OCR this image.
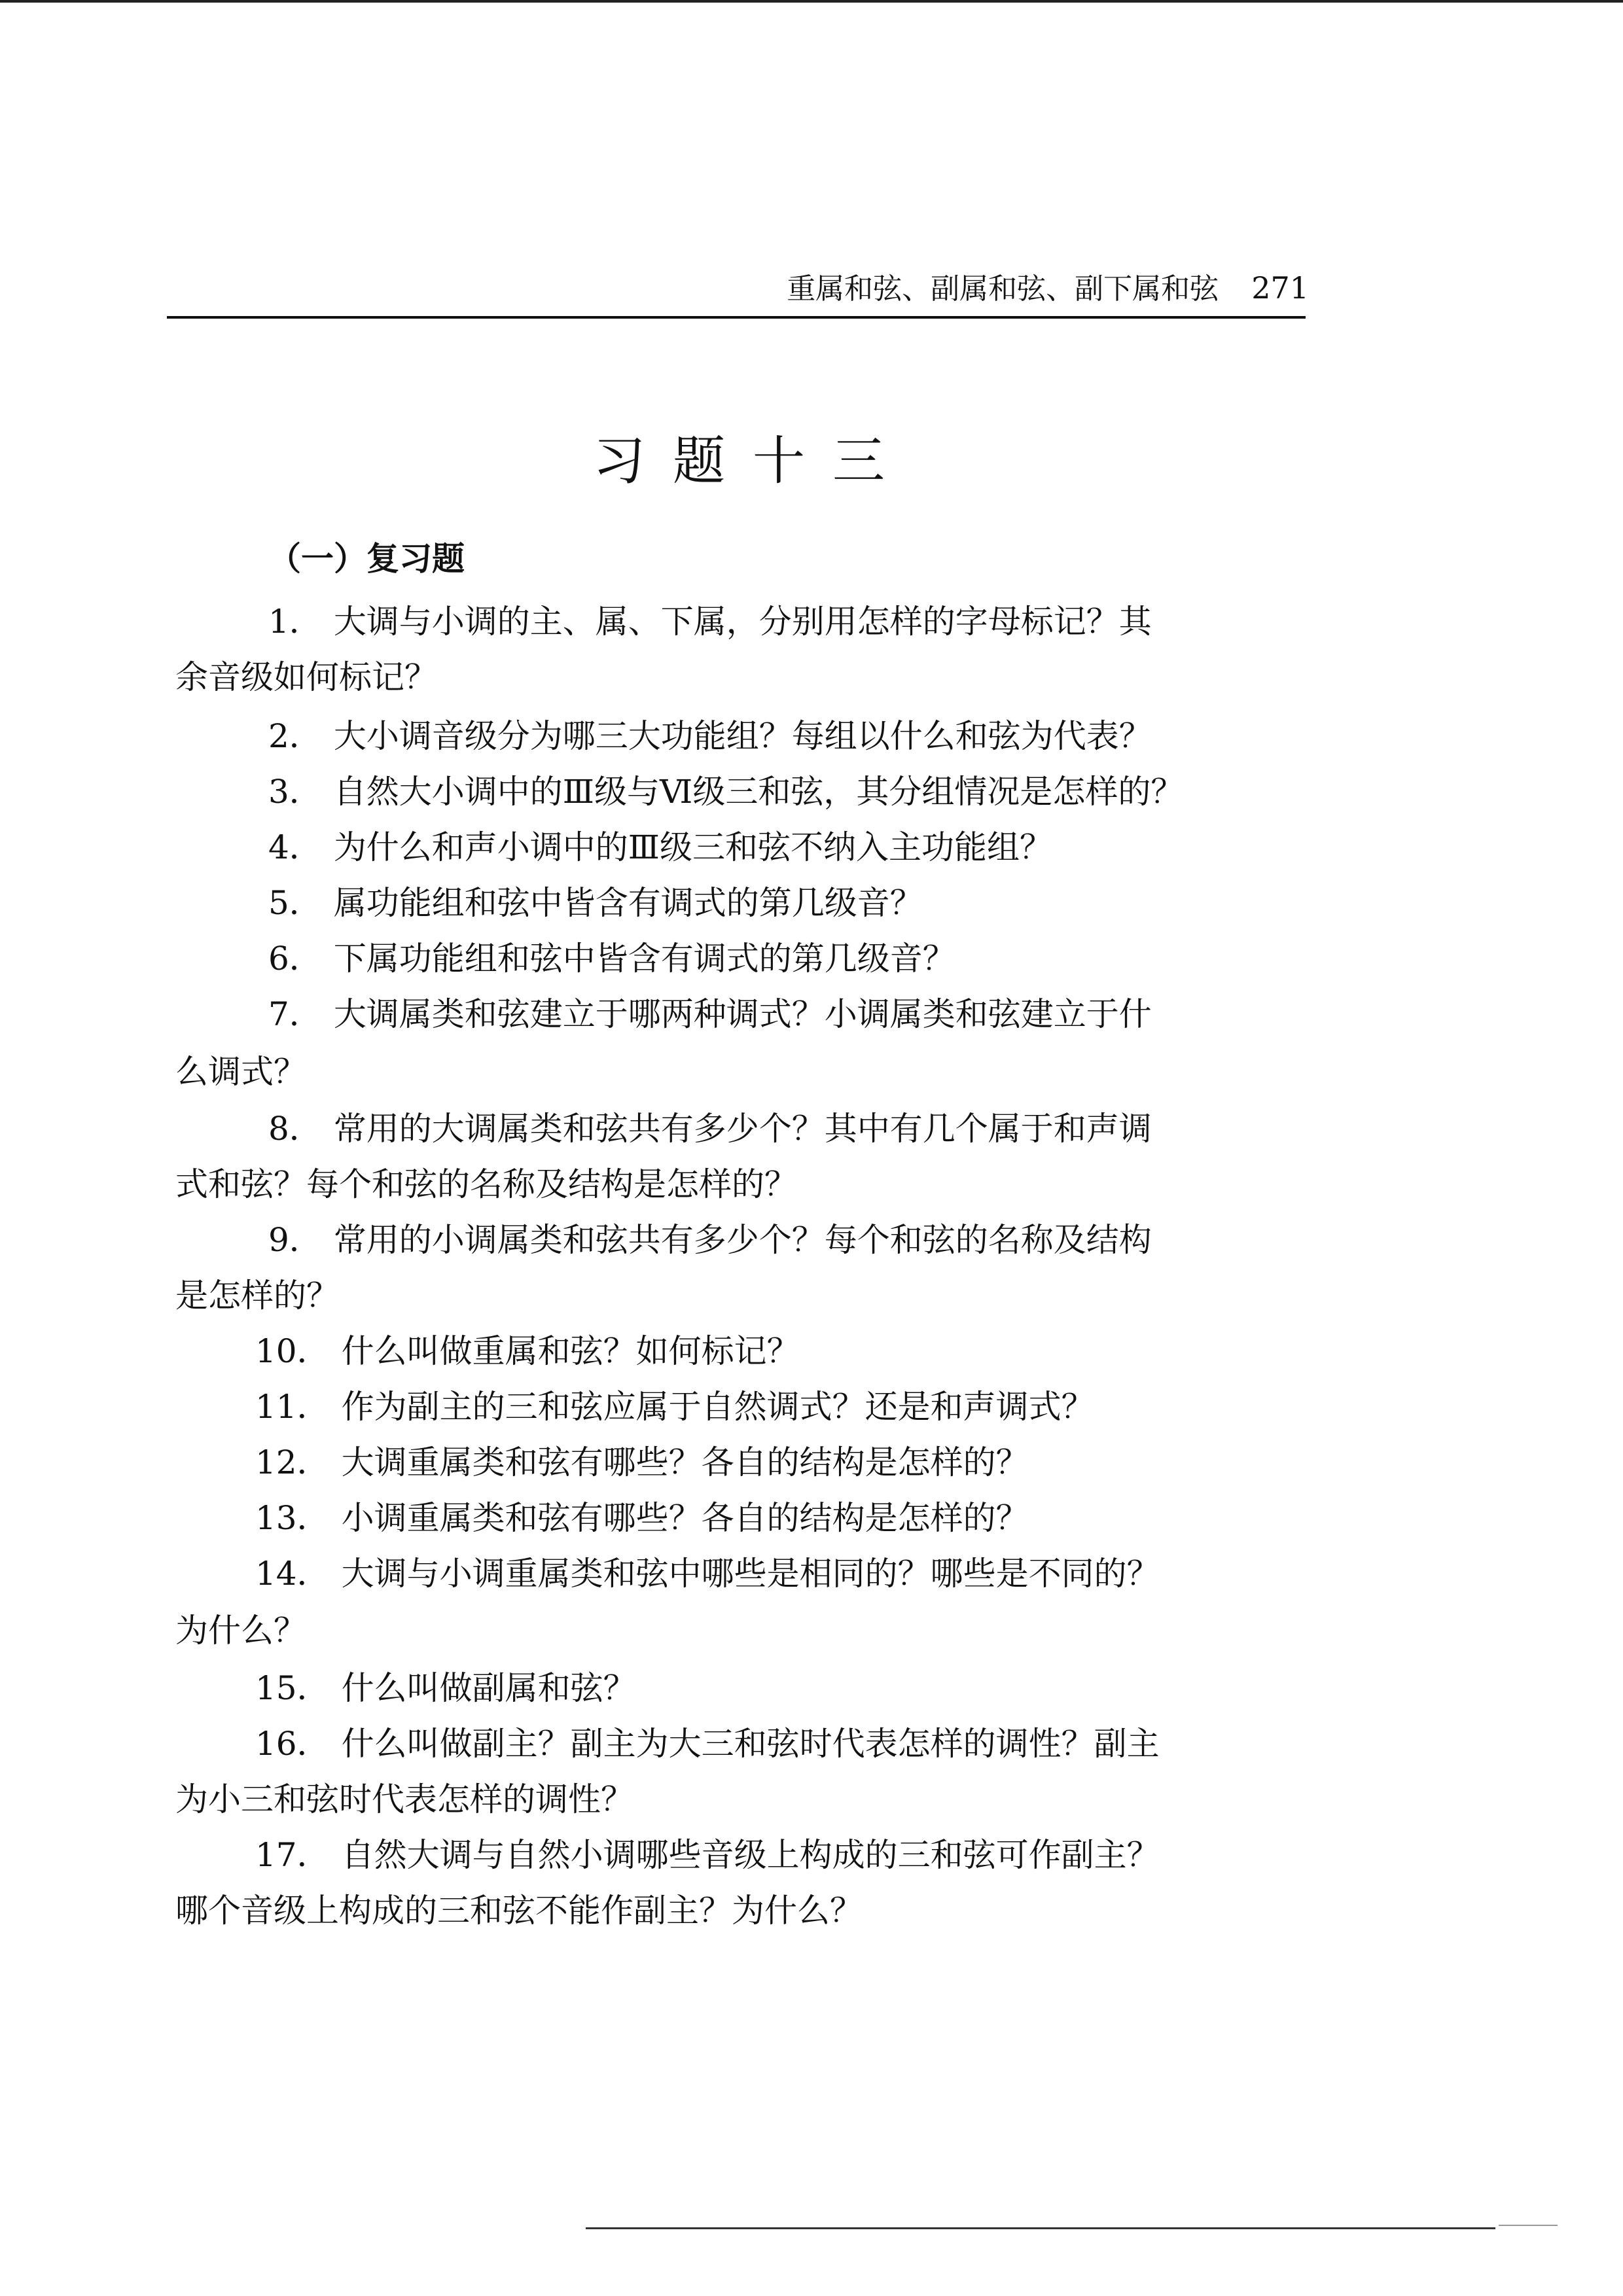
重属和弦、副属和弦、副下属和弦 271
习题十三
（一）复习题
1． 大调与小调的主、属、下属，分别用怎样的字母标记？其
余音级如何标记？
2． 大小调音级分为哪三大功能组？每组以什么和弦为代表？
3． 自然大小调中的Ⅲ级与Ⅵ级三和弦，其分组情况是怎样的？
4． 为什么和声小调中的Ⅲ级三和弦不纳入主功能组？
5． 属功能组和弦中皆含有调式的第几级音？
6． 下属功能组和弦中皆含有调式的第几级音？
7． 大调属类和弦建立于哪两种调式？小调属类和弦建立于什
么调式？
8． 常用的大调属类和弦共有多少个？其中有几个属于和声调
式和弦？每个和弦的名称及结构是怎样的？
9． 常用的小调属类和弦共有多少个？每个和弦的名称及结构
是怎样的？
10． 什么叫做重属和弦？如何标记？
11． 作为副主的三和弦应属于自然调式？还是和声调式？
12． 大调重属类和弦有哪些？各自的结构是怎样的？
13． 小调重属类和弦有哪些？各自的结构是怎样的？
14． 大调与小调重属类和弦中哪些是相同的？哪些是不同的？
为什么？
15． 什么叫做副属和弦？
16． 什么叫做副主？副主为大三和弦时代表怎样的调性？副主
为小三和弦时代表怎样的调性？
17． 自然大调与自然小调哪些音级上构成的三和弦可作副主？
哪个音级上构成的三和弦不能作副主？为什么？
